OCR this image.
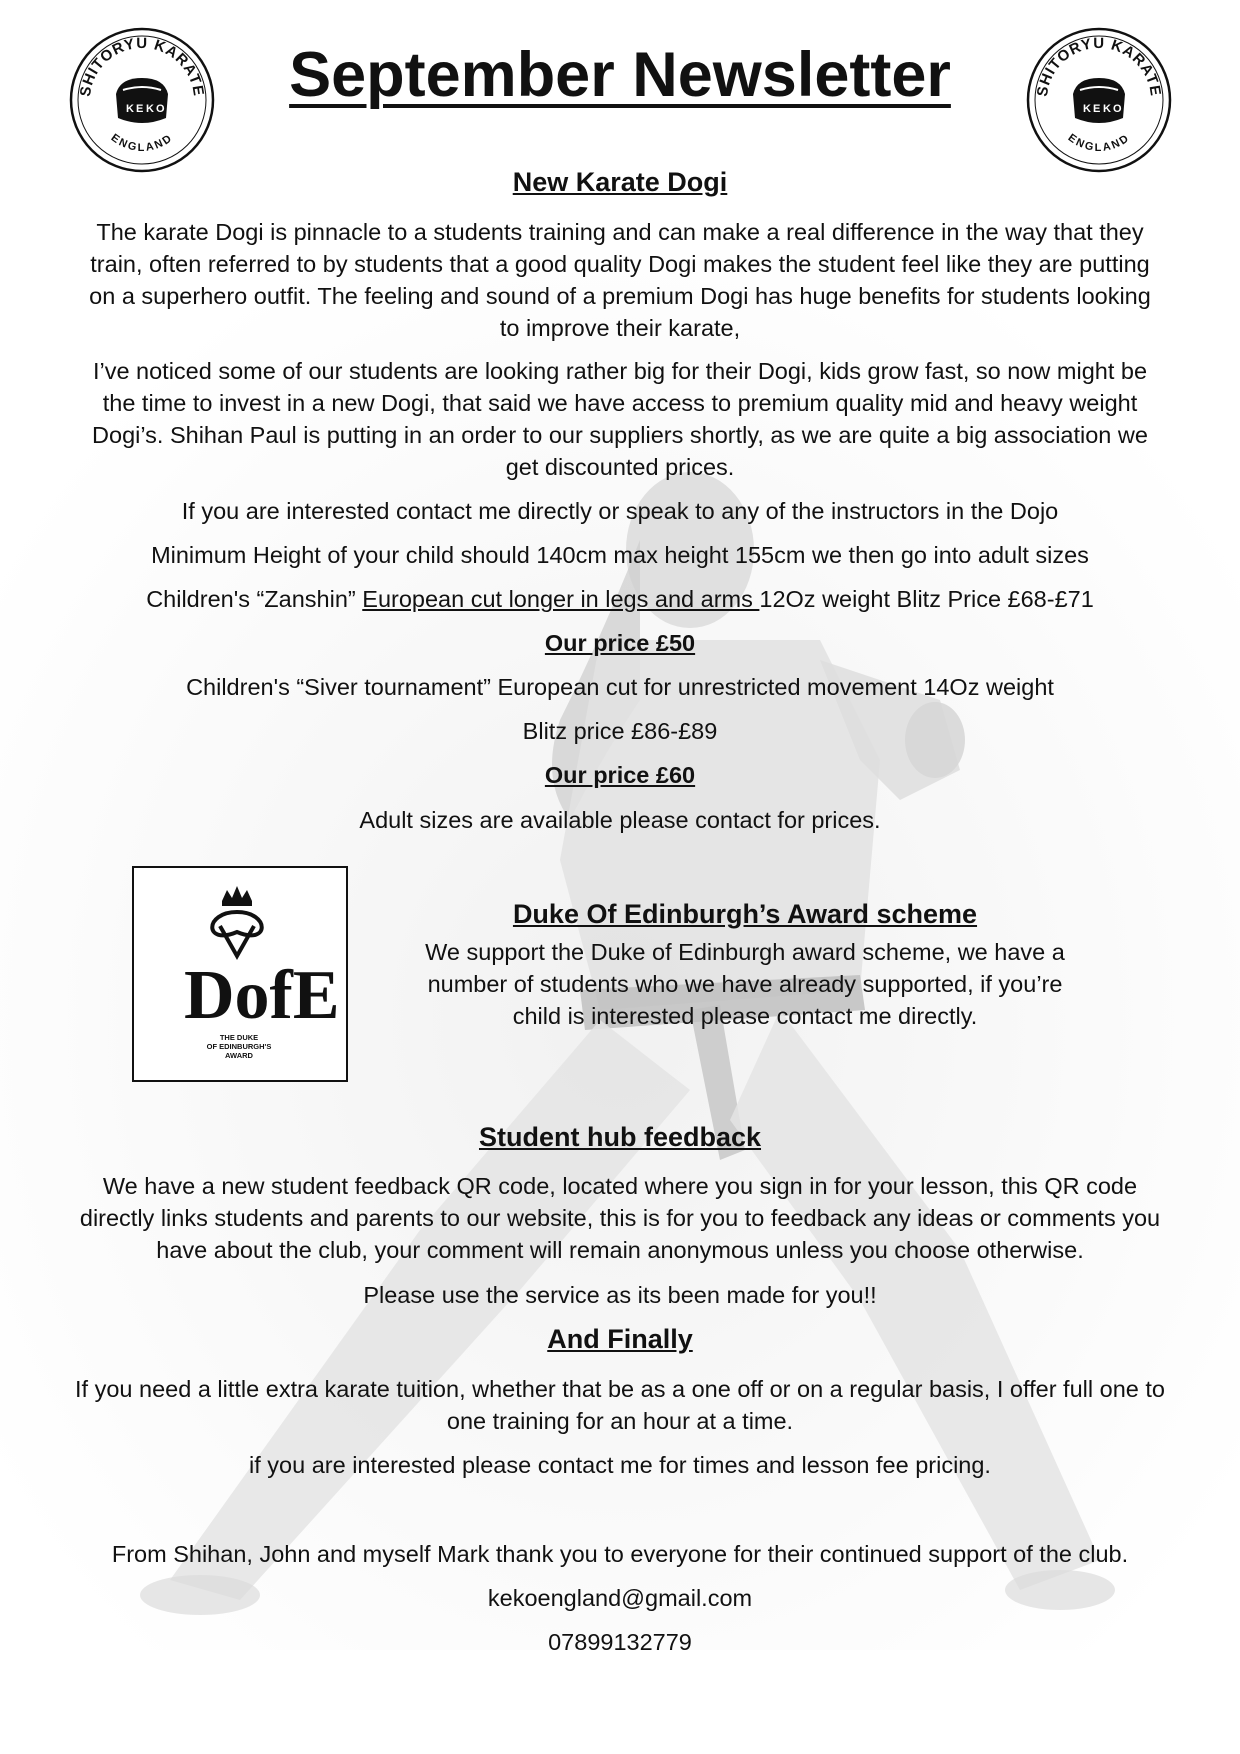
SHITORYU KARATE
ENGLAND
K E K O
SHITORYU KARATE
ENGLAND
K E K O
September Newsletter
New Karate Dogi
The karate Dogi is pinnacle to a students training and can make a real difference in the way that they
train, often referred to by students that a good quality Dogi makes the student feel like they are putting
on a superhero outfit. The feeling and sound of a premium Dogi has huge benefits for students looking
to improve their karate,
I’ve noticed some of our students are looking rather big for their Dogi, kids grow fast, so now might be
the time to invest in a new Dogi, that said we have access to premium quality mid and heavy weight
Dogi’s. Shihan Paul is putting in an order to our suppliers shortly, as we are quite a big association we
get discounted prices.
If you are interested contact me directly or speak to any of the instructors in the Dojo
Minimum Height of your child should 140cm max height 155cm we then go into adult sizes
Children's “Zanshin” European cut longer in legs and arms 12Oz weight Blitz Price £68-£71
Our price £50
Children's “Siver tournament” European cut for unrestricted movement 14Oz weight
Blitz price £86-£89
Our price £60
Adult sizes are available please contact for prices.
DofE
THE DUKE
OF EDINBURGH'S
AWARD
Duke Of Edinburgh’s Award scheme
We support the Duke of Edinburgh award scheme, we have a
number of students who we have already supported, if you’re
child is interested please contact me directly.
Student hub feedback
We have a new student feedback QR code, located where you sign in for your lesson, this QR code
directly links students and parents to our website, this is for you to feedback any ideas or comments you
have about the club, your comment will remain anonymous unless you choose otherwise.
Please use the service as its been made for you!!
And Finally
If you need a little extra karate tuition, whether that be as a one off or on a regular basis, I offer full one to
one training for an hour at a time.
if you are interested please contact me for times and lesson fee pricing.
From Shihan, John and myself Mark thank you to everyone for their continued support of the club.
kekoengland@gmail.com
07899132779
